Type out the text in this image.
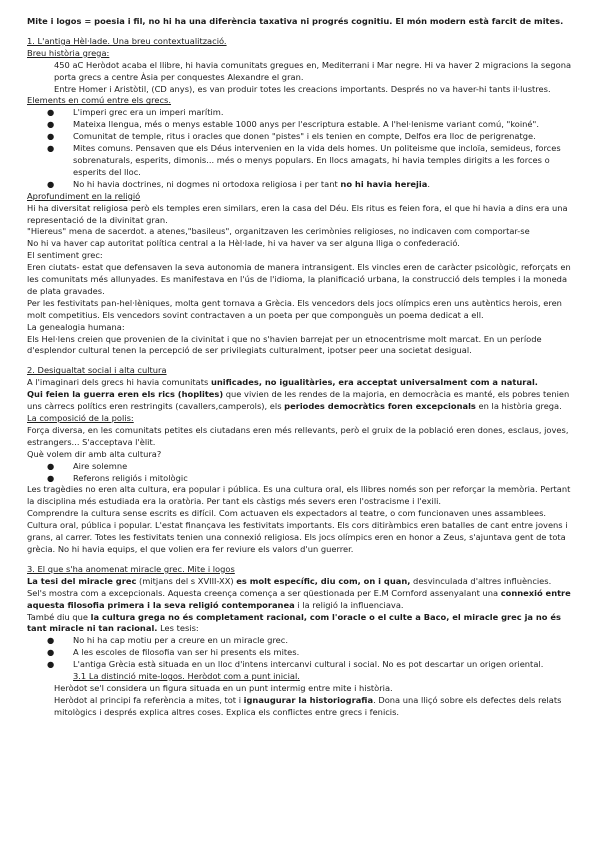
Mite i logos = poesia i fil, no hi ha una diferència taxativa ni progrés cognitiu. El món modern està farcit de mites.

1. L'antiga Hèl·lade. Una breu contextualització.

Breu història grega:

450 aC Heròdot acaba el llibre, hi havia comunitats gregues en, Mediterrani i Mar negre. Hi va haver 2 migracions la segona porta grecs a centre Àsia per conquestes Alexandre el gran.

Entre Homer i Aristòtil, (CD anys), es van produir totes les creacions importants. Després no va haver-hi tants il·lustres.

Elements en comú entre els grecs.

● L'imperi grec era un imperi marítim.
● Mateixa llengua, més o menys estable 1000 anys per l'escriptura estable. A l'hel·lenisme variant comú, "koiné".
● Comunitat de temple, ritus i oracles que donen "pistes" i els tenien en compte, Delfos era lloc de perigrenatge.
● Mites comuns. Pensaven que els Déus intervenien en la vida dels homes. Un politeisme que incloïa, semideus, forces sobrenaturals, esperits, dimonis... més o menys populars. En llocs amagats, hi havia temples dirigits a les forces o esperits del lloc.
● No hi havia doctrines, ni dogmes ni ortodoxa religiosa i per tant no hi havia herejia.

Aprofundiment en la religió

Hi ha diversitat religiosa però els temples eren similars, eren la casa del Déu. Els ritus es feien fora, el que hi havia a dins era una representació de la divinitat gran.

"Hiereus" mena de sacerdot. a atenes,"basileus", organitzaven les cerimònies religioses, no indicaven com comportar-se

No hi va haver cap autoritat política central a la Hèl·lade, hi va haver va ser alguna lliga o confederació.

El sentiment grec:

Eren ciutats- estat que defensaven la seva autonomia de manera intransigent. Els vincles eren de caràcter psicològic, reforçats en les comunitats més allunyades. Es manifestava en l'ús de l'idioma, la planificació urbana, la construcció dels temples i la moneda de plata gravades.

Per les festivitats pan-hel·lèniques, molta gent tornava a Grècia. Els vencedors dels jocs olímpics eren uns autèntics herois, eren molt competitius. Els vencedors sovint contractaven a un poeta per que componguès un poema dedicat a ell.

La genealogia humana:

Els Hel·lens creien que provenien de la civinitat i que no s'havien barrejat per un etnocentrisme molt marcat. En un període d'esplendor cultural tenen la percepció de ser privilegiats culturalment, ipotser peer una societat desigual.

2. Desigualtat social i alta cultura

A l'imaginari dels grecs hi havia comunitats unificades, no igualitàries, era acceptat universalment com a natural.

Qui feien la guerra eren els rics (hoplites) que vivien de les rendes de la majoria, en democràcia es manté, els pobres tenien uns càrrecs polítics eren restringits (cavallers,camperols), els periodes democràtics foren excepcionals en la història grega.

La composició de la polis:

Força diversa, en les comunitats petites els ciutadans eren més rellevants, però el gruix de la població eren dones, esclaus, joves, estrangers... S'acceptava l'èlit.

Què volem dir amb alta cultura?

● Aire solemne
● Referons religiós i mitològic

Les tragèdies no eren alta cultura, era popular i pública. Es una cultura oral, els llibres només son per reforçar la memòria. Pertant la disciplina més estudiada era la oratòria. Per tant els càstigs més severs eren l'ostracisme i l'exili.

Comprendre la cultura sense escrits es difícil. Com actuaven els expectadors al teatre, o com funcionaven unes assamblees. Cultura oral, pública i popular. L'estat finançava les festivitats importants. Els cors ditiràmbics eren batalles de cant entre jovens i grans, al carrer. Totes les festivitats tenien una connexió religiosa. Els jocs olímpics eren en honor a Zeus, s'ajuntava gent de tota grècia. No hi havia equips, el que volien era fer reviure els valors d'un guerrer.

3. El que s'ha anomenat miracle grec. Mite i logos

La tesi del miracle grec (mitjans del s XVIII-XX) es molt específic, diu com, on i quan, desvinculada d'altres influències. Sel's mostra com a excepcionals. Aquesta creença comença a ser qüestionada per E.M Cornford assenyalant una connexió entre aquesta filosofia primera i la seva religió contemporanea i la religió la influenciava.

També diu que la cultura grega no és completament racional, com l'oracle o el culte a Baco, el miracle grec ja no és tant miracle ni tan racional. Les tesis:

● No hi ha cap motiu per a creure en un miracle grec.
● A les escoles de filosofia van ser hi presents els mites.
● L'antiga Grècia està situada en un lloc d'intens intercanvi cultural i social. No es pot descartar un origen oriental.

3.1 La distinció mite-logos. Heròdot com a punt inicial.

Heròdot se'l considera un figura situada en un punt intermig entre mite i història.

Heròdot al principi fa referència a mites, tot i ignaugurar la historiografia. Dona una lliçó sobre els defectes dels relats mitològics i després explica altres coses. Explica els conflictes entre grecs i fenicis.
